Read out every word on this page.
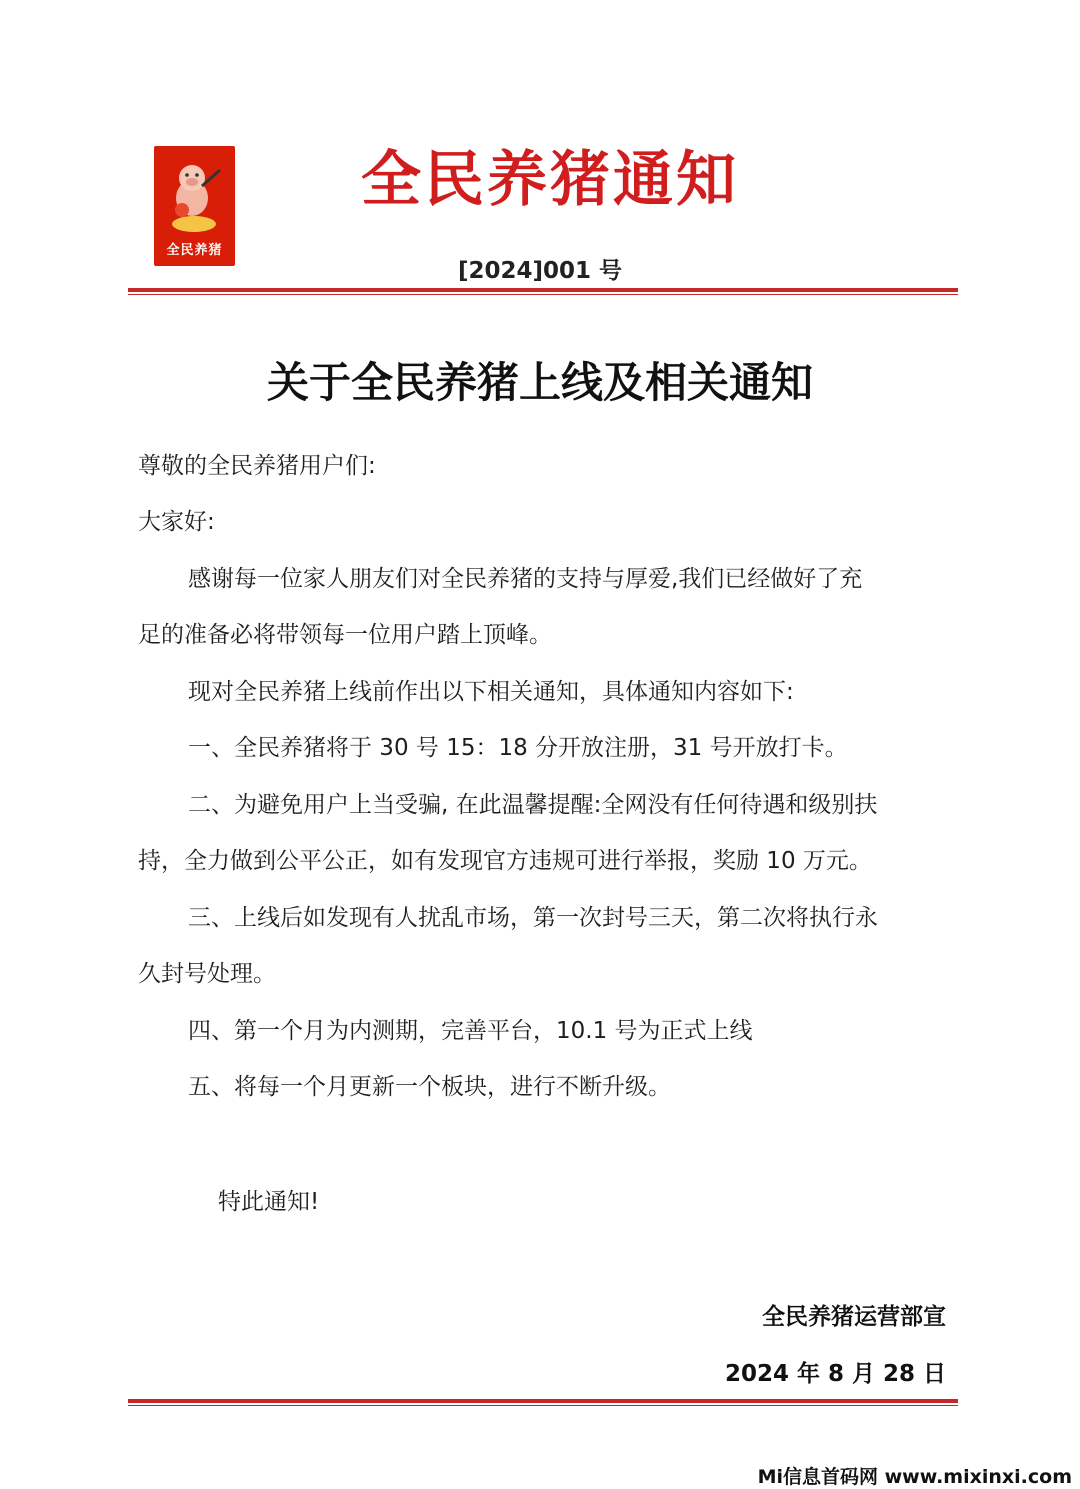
全民养猪
全民养猪通知
[2024]001 号
关于全民养猪上线及相关通知
尊敬的全民养猪用户们:
大家好:
感谢每一位家人朋友们对全民养猪的支持与厚爱,我们已经做好了充
足的准备必将带领每一位用户踏上顶峰。
现对全民养猪上线前作出以下相关通知，具体通知内容如下:
一、全民养猪将于 30 号 15：18 分开放注册，31 号开放打卡。
二、为避免用户上当受骗, 在此温馨提醒:全网没有任何待遇和级别扶
持，全力做到公平公正，如有发现官方违规可进行举报，奖励 10 万元。
三、上线后如发现有人扰乱市场，第一次封号三天，第二次将执行永
久封号处理。
四、第一个月为内测期，完善平台，10.1 号为正式上线
五、将每一个月更新一个板块，进行不断升级。
特此通知!
全民养猪运营部宣
2024 年 8 月 28 日
Mi信息首码网 www.mixinxi.com
